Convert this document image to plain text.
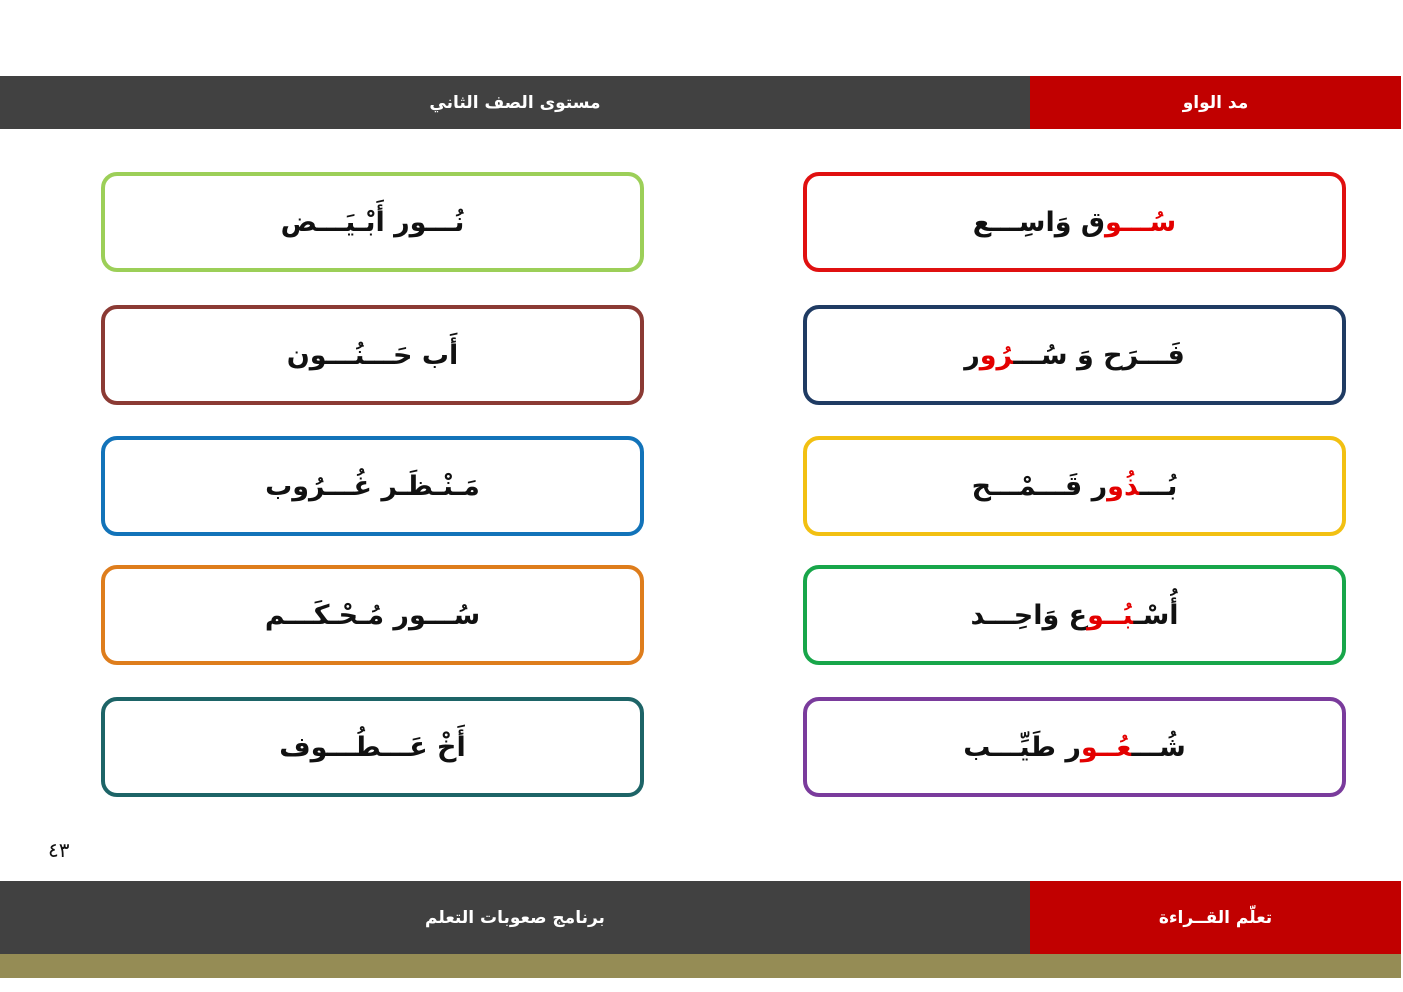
مستوى الصف الثاني	مد الواو
سُـــوق وَاسِـــع
فَـــرَح وَ سُـــرُور
بُـــذُور قَـــمْـــح
أُسْـبُــوع وَاحِـــد
شُـــعُــور طَيِّـــب
نُـــور أَبْـيَـــض
أَب حَـــنُـــون
مَـنْـظَـر غُـــرُوب
سُـــور مُـحْـكَـــم
أَخْ عَـــطُـــوف
٤٣
برنامج صعوبات التعلم	تعلّم القــراءة
